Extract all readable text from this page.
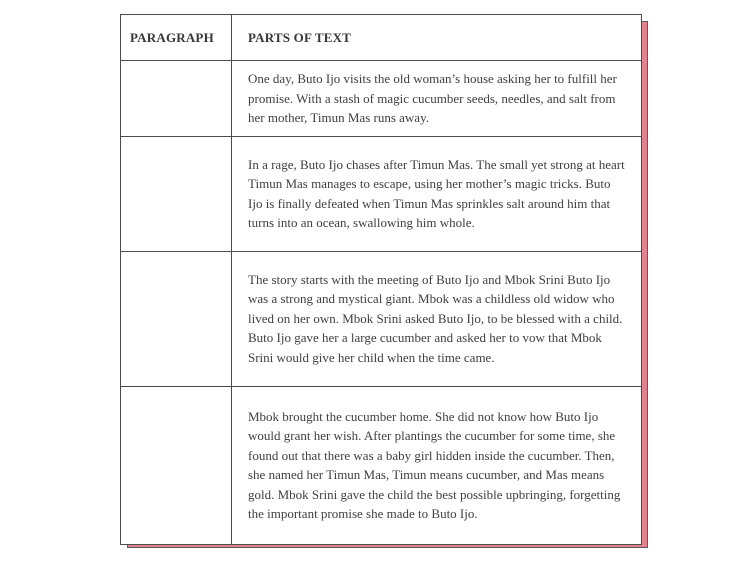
PARAGRAPH	PARTS OF TEXT
	One day, Buto Ijo visits the old woman’s house asking her to fulfill her promise. With a stash of magic cucumber seeds, needles, and salt from her mother, Timun Mas runs away.
	In a rage, Buto Ijo chases after Timun Mas. The small yet strong at heart Timun Mas manages to escape, using her mother’s magic tricks. Buto Ijo is finally defeated when Timun Mas sprinkles salt around him that turns into an ocean, swallowing him whole.
	The story starts with the meeting of Buto Ijo and Mbok Srini Buto Ijo was a strong and mystical giant. Mbok was a childless old widow who lived on her own. Mbok Srini asked Buto Ijo, to be blessed with a child. Buto Ijo gave her a large cucumber and asked her to vow that Mbok Srini would give her child when the time came.
	Mbok brought the cucumber home. She did not know how Buto Ijo would grant her wish. After plantings the cucumber for some time, she found out that there was a baby girl hidden inside the cucumber. Then, she named her Timun Mas, Timun means cucumber, and Mas means gold. Mbok Srini gave the child the best possible upbringing, forgetting the important promise she made to Buto Ijo.
